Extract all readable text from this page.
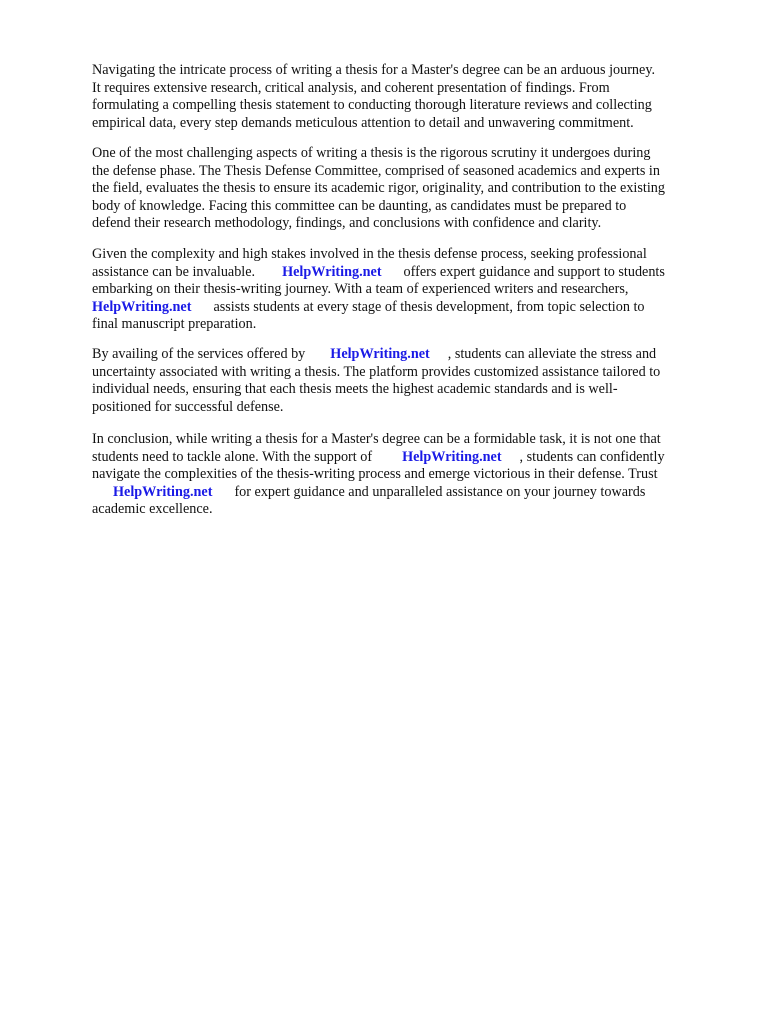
Navigating the intricate process of writing a thesis for a Master's degree can be an arduous journey.
It requires extensive research, critical analysis, and coherent presentation of findings. From
formulating a compelling thesis statement to conducting thorough literature reviews and collecting
empirical data, every step demands meticulous attention to detail and unwavering commitment.

One of the most challenging aspects of writing a thesis is the rigorous scrutiny it undergoes during
the defense phase. The Thesis Defense Committee, comprised of seasoned academics and experts in
the field, evaluates the thesis to ensure its academic rigor, originality, and contribution to the existing
body of knowledge. Facing this committee can be daunting, as candidates must be prepared to
defend their research methodology, findings, and conclusions with confidence and clarity.

Given the complexity and high stakes involved in the thesis defense process, seeking professional
assistance can be invaluable. HelpWriting.net offers expert guidance and support to students
embarking on their thesis-writing journey. With a team of experienced writers and researchers,
HelpWriting.net assists students at every stage of thesis development, from topic selection to
final manuscript preparation.

By availing of the services offered by HelpWriting.net , students can alleviate the stress and
uncertainty associated with writing a thesis. The platform provides customized assistance tailored to
individual needs, ensuring that each thesis meets the highest academic standards and is well-
positioned for successful defense.

In conclusion, while writing a thesis for a Master's degree can be a formidable task, it is not one that
students need to tackle alone. With the support of HelpWriting.net , students can confidently
navigate the complexities of the thesis-writing process and emerge victorious in their defense. Trust
HelpWriting.net for expert guidance and unparalleled assistance on your journey towards
academic excellence.
